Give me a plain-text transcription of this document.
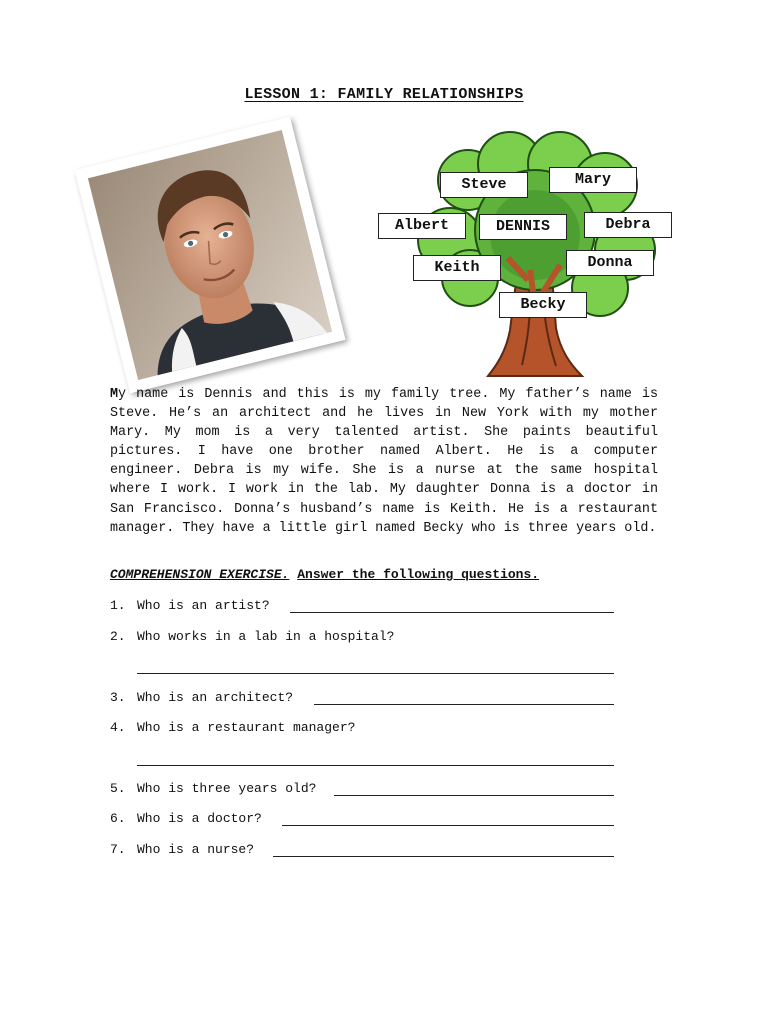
LESSON 1: FAMILY RELATIONSHIPS
Steve	Mary
Albert	DENNIS	Debra
Keith	Donna
Becky

My name is Dennis and this is my family tree. My father’s name is Steve. He’s an architect and he lives in New York with my mother Mary. My mom is a very talented artist. She paints beautiful pictures. I have one brother named Albert. He is a computer engineer. Debra is my wife. She is a nurse at the same hospital where I work. I work in the lab. My daughter Donna is a doctor in San Francisco. Donna’s husband’s name is Keith. He is a restaurant manager. They have a little girl named Becky who is three years old.

COMPREHENSION EXERCISE. Answer the following questions.
1. Who is an artist?
2. Who works in a lab in a hospital?
3. Who is an architect?
4. Who is a restaurant manager?
5. Who is three years old?
6. Who is a doctor?
7. Who is a nurse?
